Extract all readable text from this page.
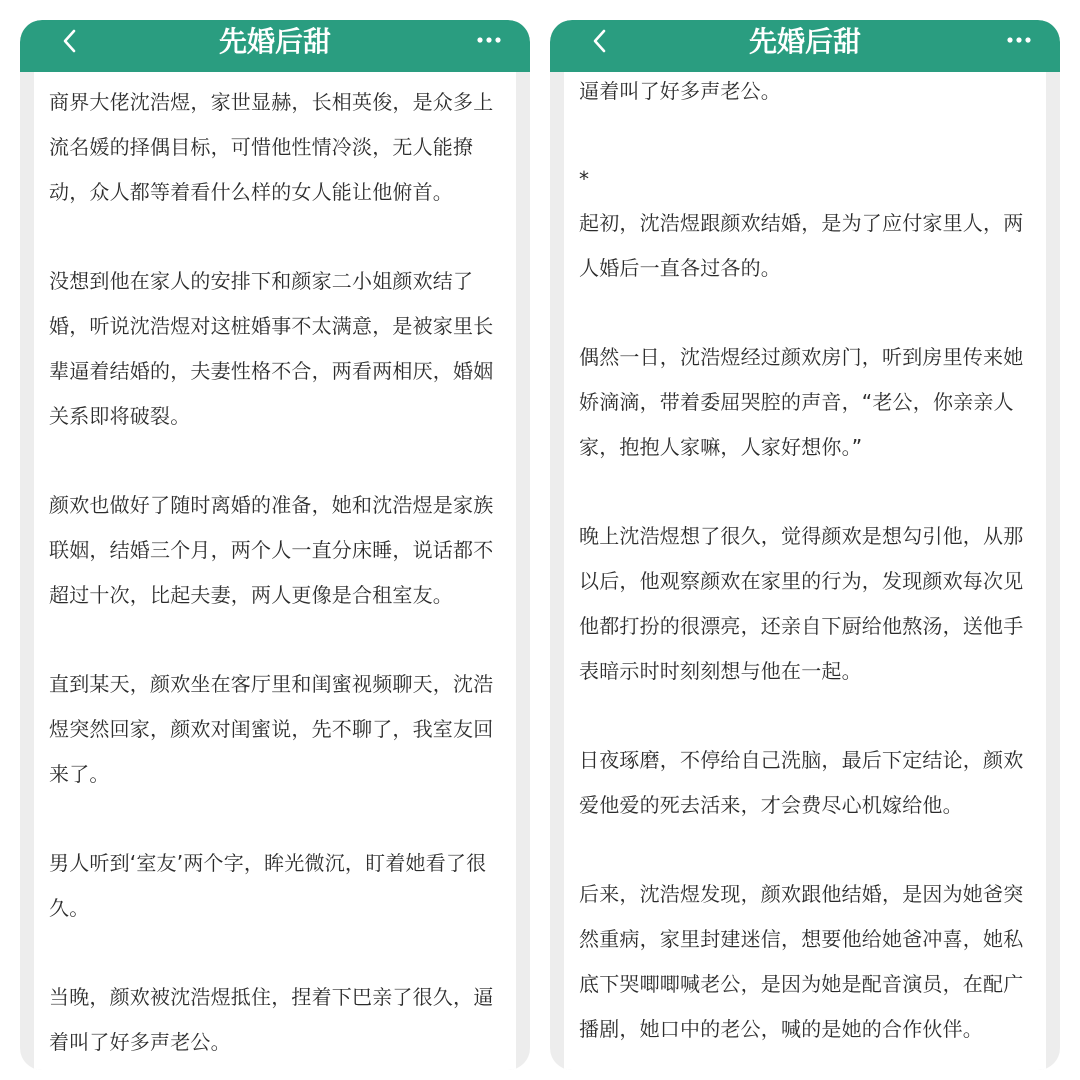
先婚后甜

商界大佬沈浩煜，家世显赫，长相英俊，是众多上流名媛的择偶目标，可惜他性情冷淡，无人能撩动，众人都等着看什么样的女人能让他俯首。

没想到他在家人的安排下和颜家二小姐颜欢结了婚，听说沈浩煜对这桩婚事不太满意，是被家里长辈逼着结婚的，夫妻性格不合，两看两相厌，婚姻关系即将破裂。

颜欢也做好了随时离婚的准备，她和沈浩煜是家族联姻，结婚三个月，两个人一直分床睡，说话都不超过十次，比起夫妻，两人更像是合租室友。

直到某天，颜欢坐在客厅里和闺蜜视频聊天，沈浩煜突然回家，颜欢对闺蜜说，先不聊了，我室友回来了。

男人听到‘室友’两个字，眸光微沉，盯着她看了很久。

当晚，颜欢被沈浩煜抵住，捏着下巴亲了很久，逼着叫了好多声老公。

先婚后甜

逼着叫了好多声老公。

*

起初，沈浩煜跟颜欢结婚，是为了应付家里人，两人婚后一直各过各的。

偶然一日，沈浩煜经过颜欢房门，听到房里传来她娇滴滴，带着委屈哭腔的声音，“老公，你亲亲人家，抱抱人家嘛，人家好想你。”

晚上沈浩煜想了很久，觉得颜欢是想勾引他，从那以后，他观察颜欢在家里的行为，发现颜欢每次见他都打扮的很漂亮，还亲自下厨给他熬汤，送他手表暗示时时刻刻想与他在一起。

日夜琢磨，不停给自己洗脑，最后下定结论，颜欢爱他爱的死去活来，才会费尽心机嫁给他。

后来，沈浩煜发现，颜欢跟他结婚，是因为她爸突然重病，家里封建迷信，想要他给她爸冲喜，她私底下哭唧唧喊老公，是因为她是配音演员，在配广播剧，她口中的老公，喊的是她的合作伙伴。
